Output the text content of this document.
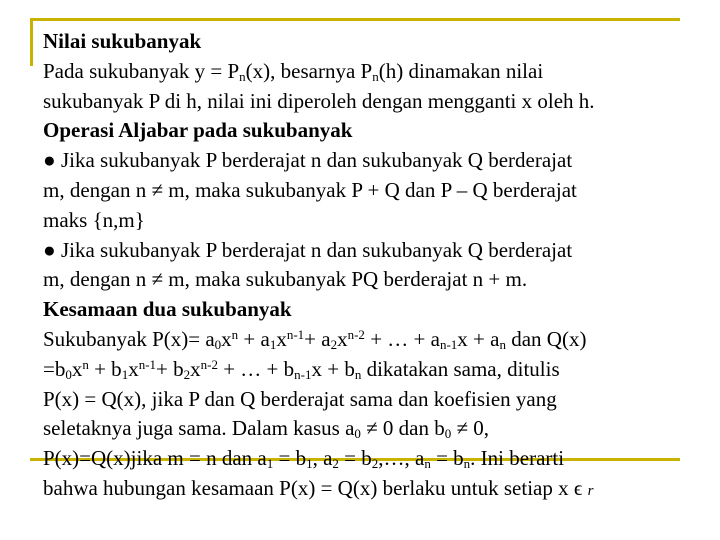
Nilai sukubanyak

Pada sukubanyak $y = P_n(x)$, besarnya $P_n(h)$ dinamakan nilai

sukubanyak P di h, nilai ini diperoleh dengan mengganti x oleh h.

Operasi Aljabar pada sukubanyak

● Jika sukubanyak P berderajat n dan sukubanyak Q berderajat

m, dengan n ≠ m, maka sukubanyak P + Q dan P – Q berderajat

maks {n,m}

● Jika sukubanyak P berderajat n dan sukubanyak Q berderajat

m, dengan n ≠ m, maka sukubanyak PQ berderajat n + m.

Kesamaan dua sukubanyak

Sukubanyak $P(x)= a_0x^n + a_1x^{n-1}+ a_2x^{n-2}$ + … + $a_{n-1}x + a_n$ dan Q(x)

$=b_0x^n + b_1x^{n-1}+ b_2x^{n-2}$ + … + $b_{n-1}x + b_n$ dikatakan sama, ditulis

P(x) = Q(x), jika P dan Q berderajat sama dan koefisien yang

seletaknya juga sama. Dalam kasus $a_0 \ne 0$ dan $b_0 \ne 0$,

P(x)=Q(x)jika m = n dan $a_1 = b_1$, $a_2$ = $b_2,\dots$, $a_n = b_n$. Ini berarti

bahwa hubungan kesamaan P(x) = Q(x) berlaku untuk setiap x ϵ r
